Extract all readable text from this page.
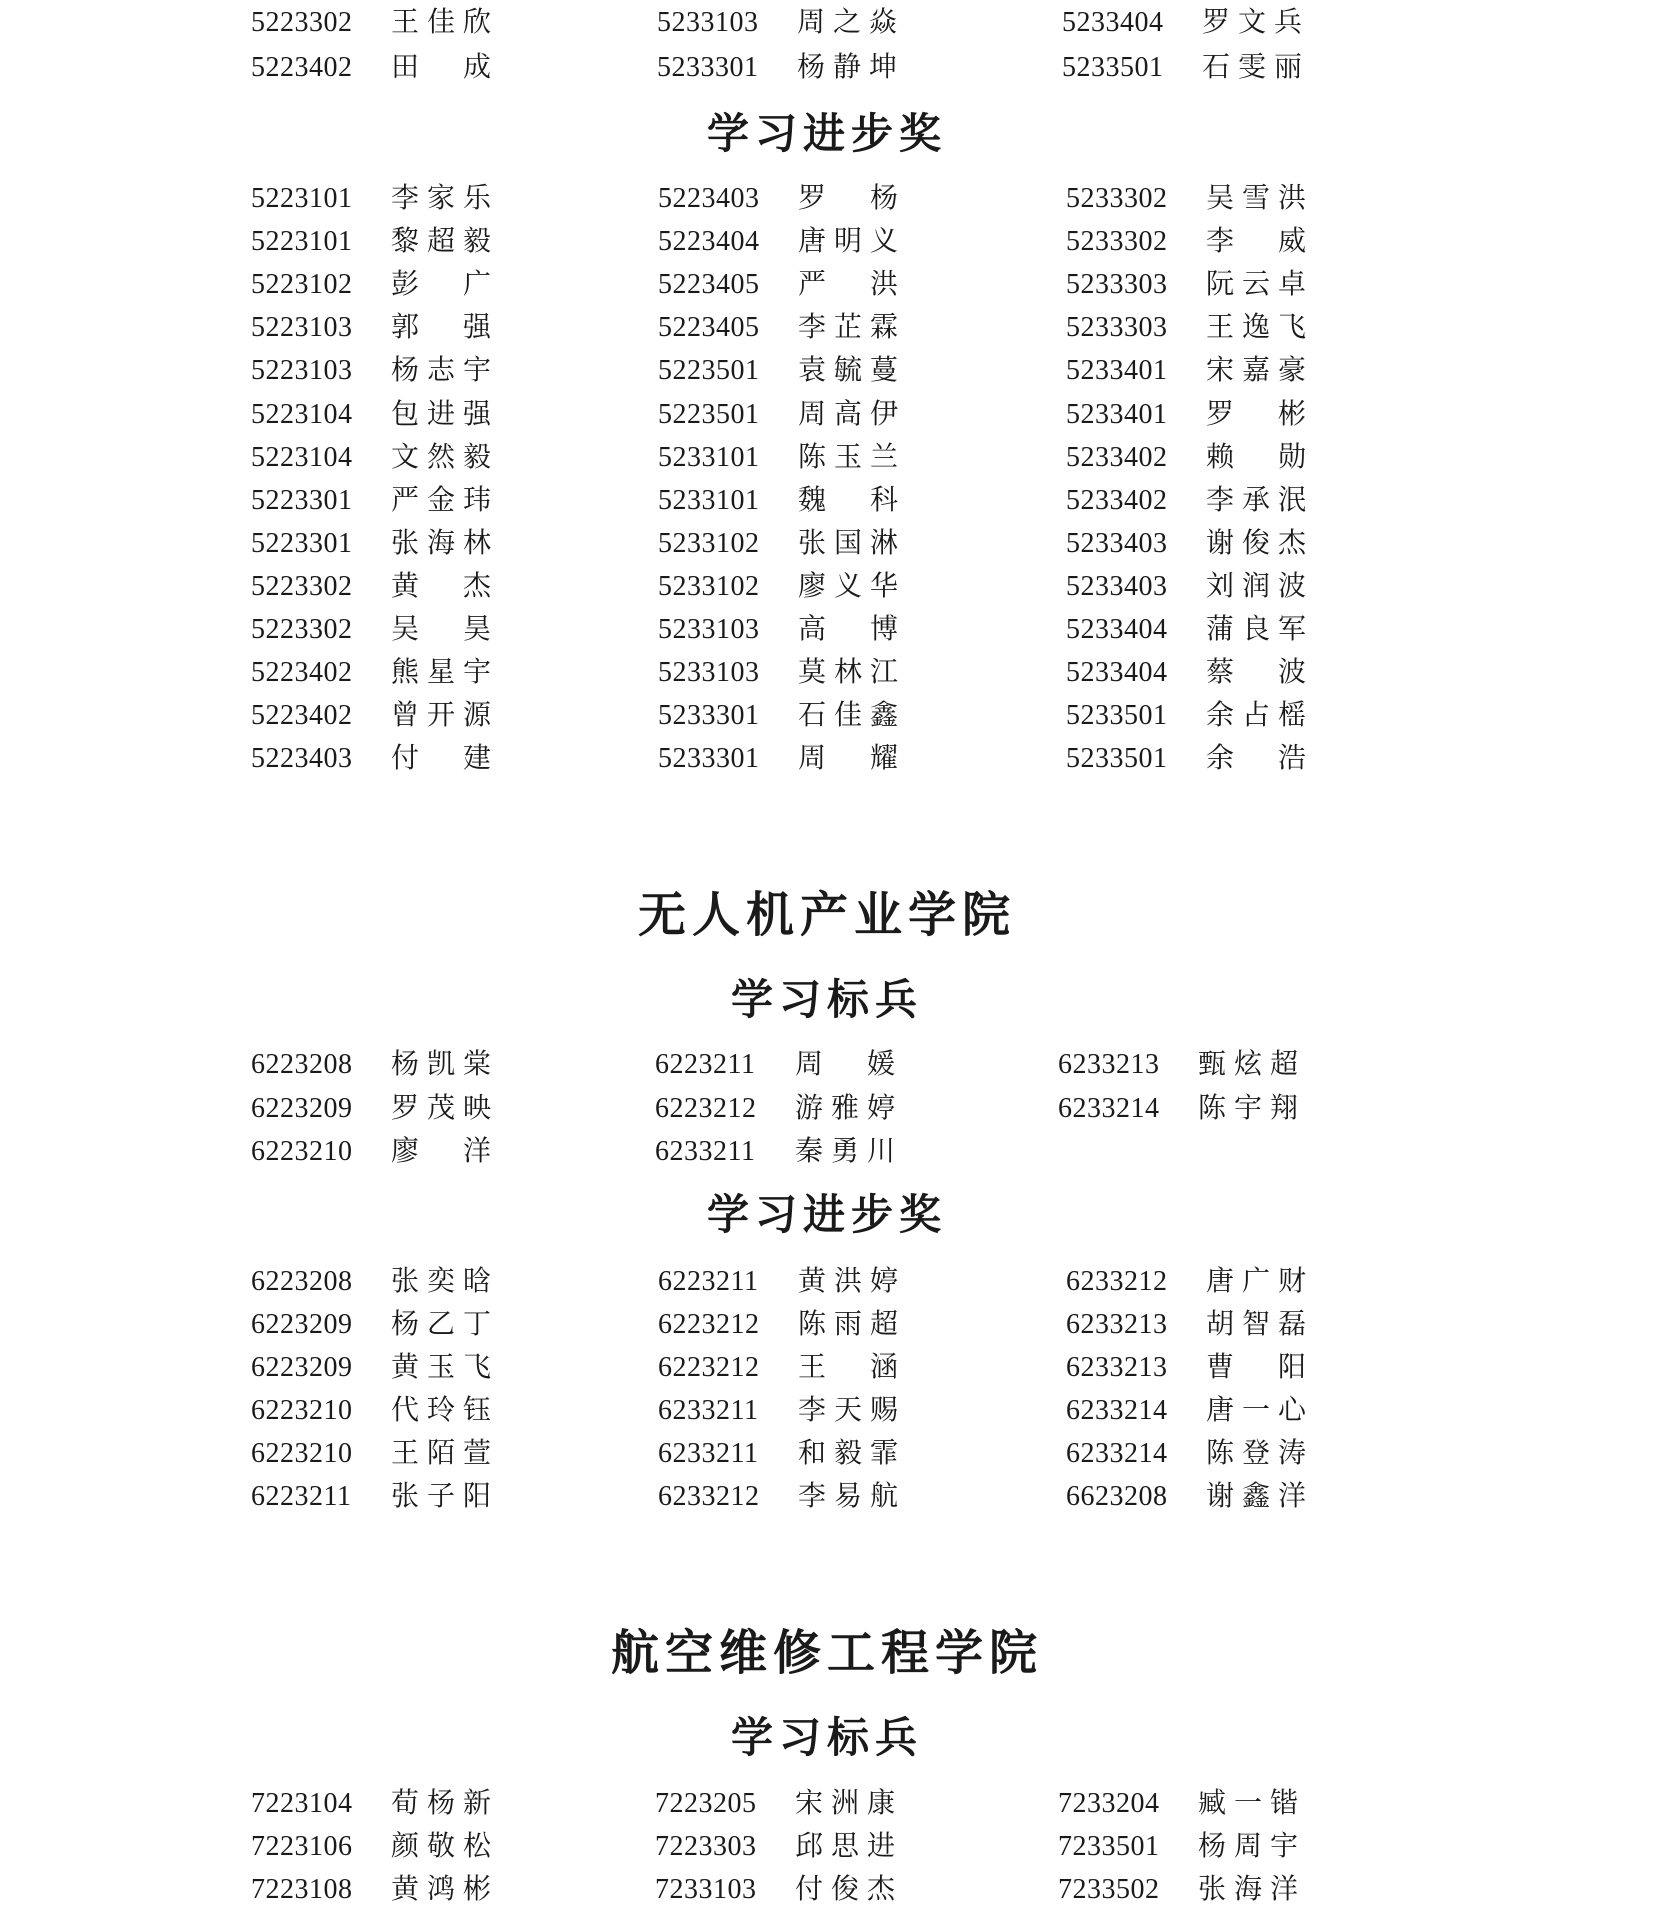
5223302 王佳欣	5233103 周之焱	5233404 罗文兵
5223402 田成	5233301 杨静坤	5233501 石雯丽
学习进步奖
5223101 李家乐	5223403 罗杨	5233302 吴雪洪
5223101 黎超毅	5223404 唐明义	5233302 李威
5223102 彭广	5223405 严洪	5233303 阮云卓
5223103 郭强	5223405 李芷霖	5233303 王逸飞
5223103 杨志宇	5223501 袁毓蔓	5233401 宋嘉豪
5223104 包进强	5223501 周高伊	5233401 罗彬
5223104 文然毅	5233101 陈玉兰	5233402 赖勋
5223301 严金玮	5233101 魏科	5233402 李承泯
5223301 张海林	5233102 张国淋	5233403 谢俊杰
5223302 黄杰	5233102 廖义华	5233403 刘润波
5223302 吴昊	5233103 高博	5233404 蒲良军
5223402 熊星宇	5233103 莫林江	5233404 蔡波
5223402 曾开源	5233301 石佳鑫	5233501 余占榣
5223403 付建	5233301 周耀	5233501 余浩
无人机产业学院
学习标兵
6223208 杨凯棠	6223211 周媛	6233213 甄炫超
6223209 罗茂映	6223212 游雅婷	6233214 陈宇翔
6223210 廖洋	6233211 秦勇川
学习进步奖
6223208 张奕晗	6223211 黄洪婷	6233212 唐广财
6223209 杨乙丁	6223212 陈雨超	6233213 胡智磊
6223209 黄玉飞	6223212 王涵	6233213 曹阳
6223210 代玲钰	6233211 李天赐	6233214 唐一心
6223210 王陌萱	6233211 和毅霏	6233214 陈登涛
6223211 张子阳	6233212 李易航	6623208 谢鑫洋
航空维修工程学院
学习标兵
7223104 荀杨新	7223205 宋洲康	7233204 臧一锴
7223106 颜敬松	7223303 邱思进	7233501 杨周宇
7223108 黄鸿彬	7233103 付俊杰	7233502 张海洋
